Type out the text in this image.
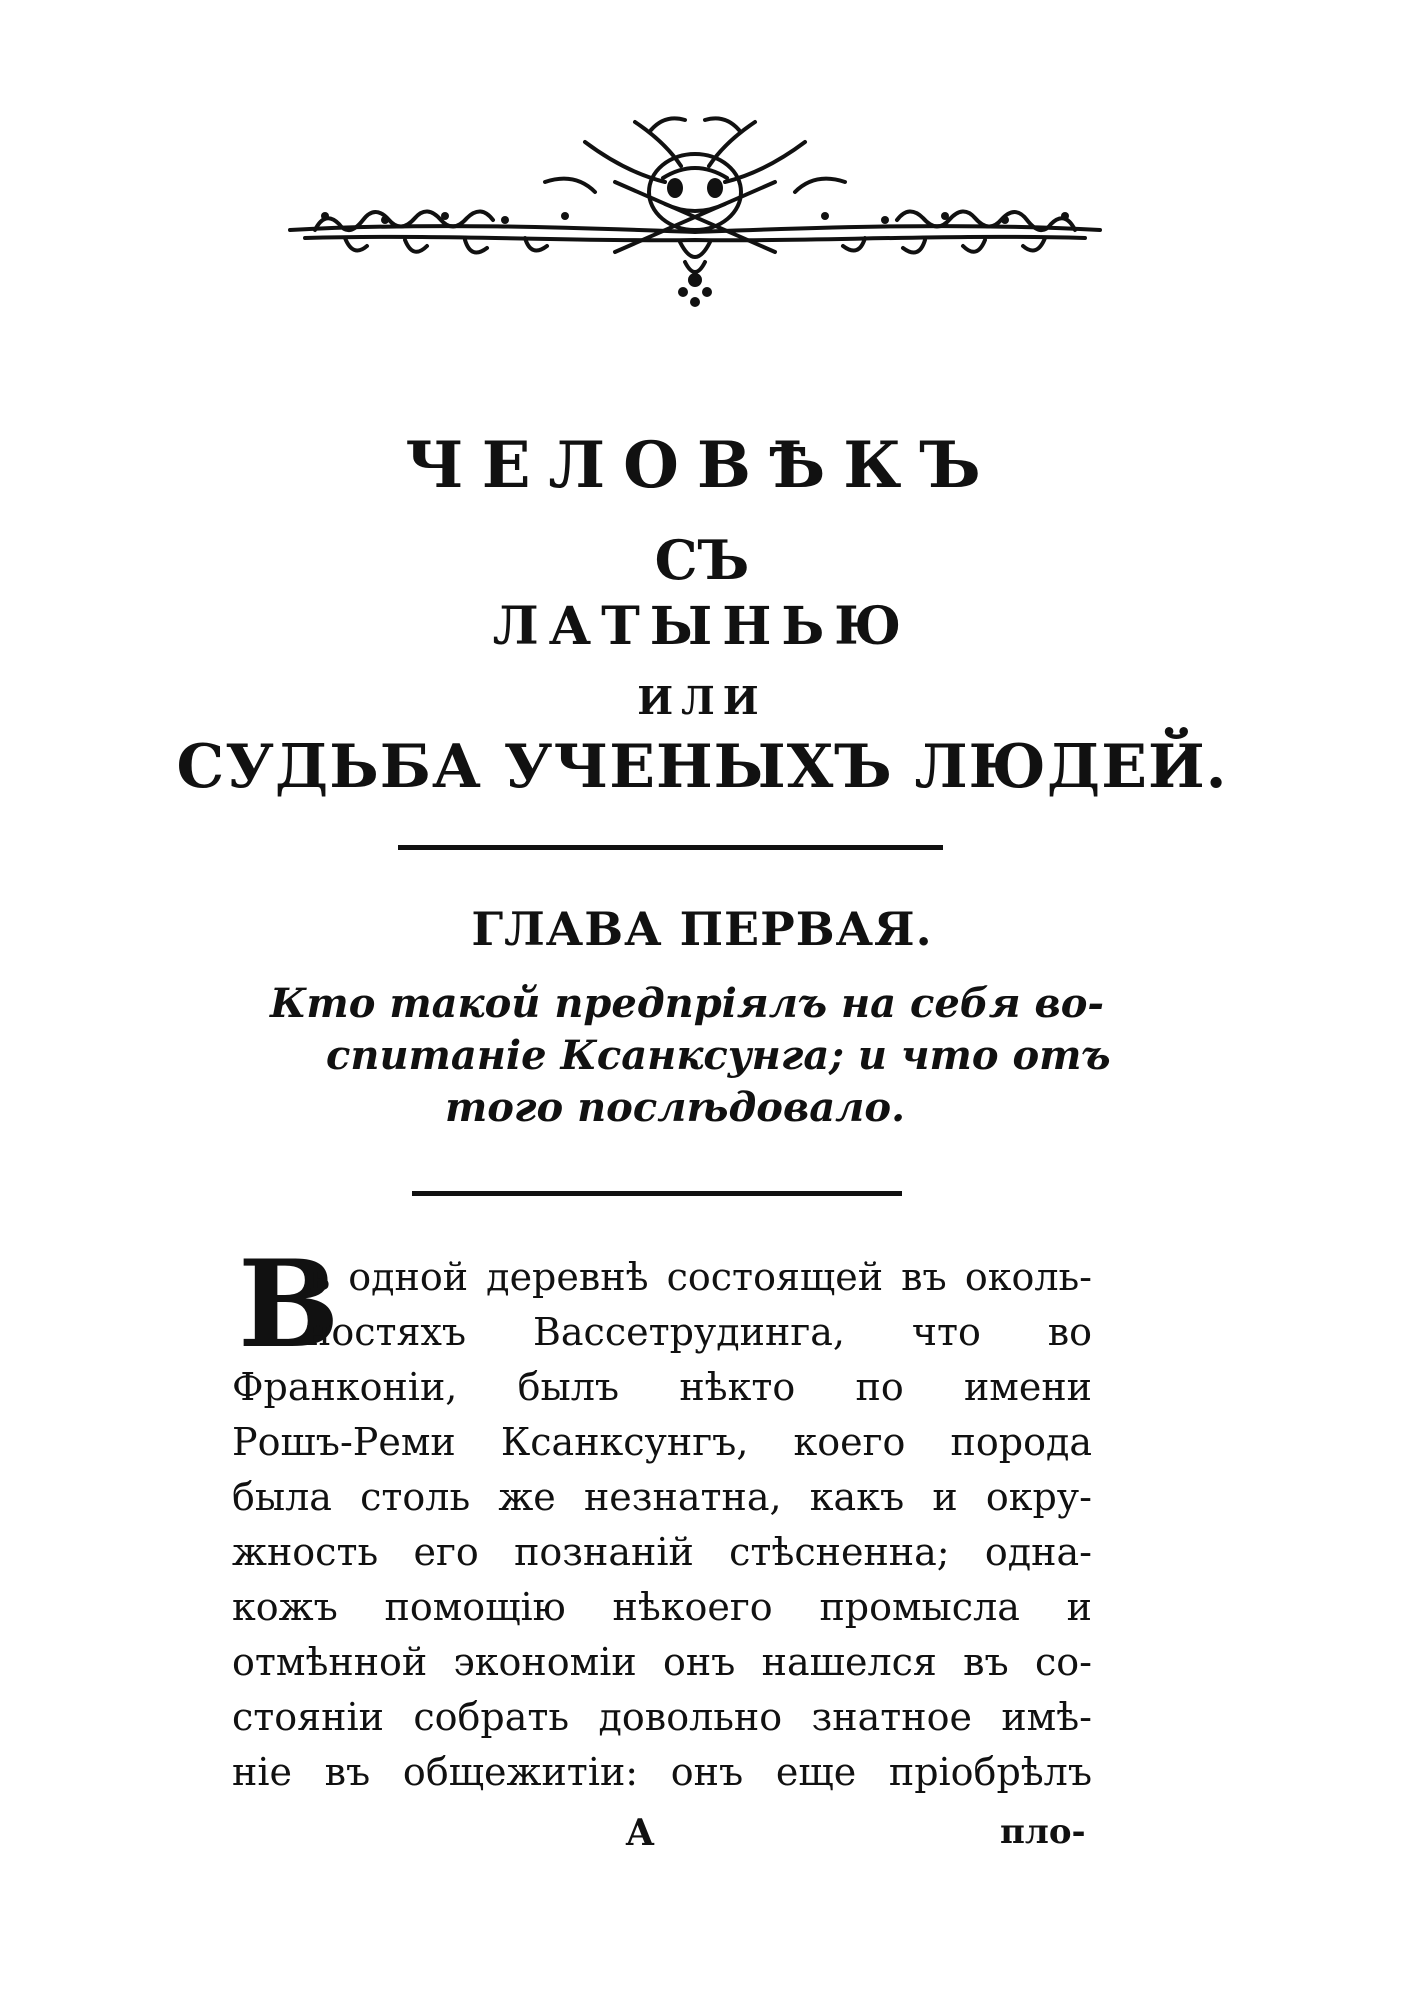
ЧЕЛОВѢКЪ
СЪ
ЛАТЫНЬЮ
ИЛИ
СУДЬБА УЧЕНЫХЪ ЛЮДЕЙ.
ГЛАВА ПЕРВАЯ.
Кто такой предпрiялъ на себя во-
спитанiе Ксанксунга; и что отъ
того послѣдовало.
В
ъ одной деревнѣ состоящей въ околь-
ностяхъ Вассетрудинга, что во
Франконiи, былъ нѣкто по имени
Рошъ-Реми Ксанксунгъ, коего порода
была столь же незнатна, какъ и окру-
жность его познанiй стѣсненна; одна-
кожъ помощiю нѣкоего промысла и
отмѣнной экономiи онъ нашелся въ со-
стоянiи собрать довольно знатное имѣ-
нiе въ общежитiи: онъ еще прiобрѣлъ
A	пло-
